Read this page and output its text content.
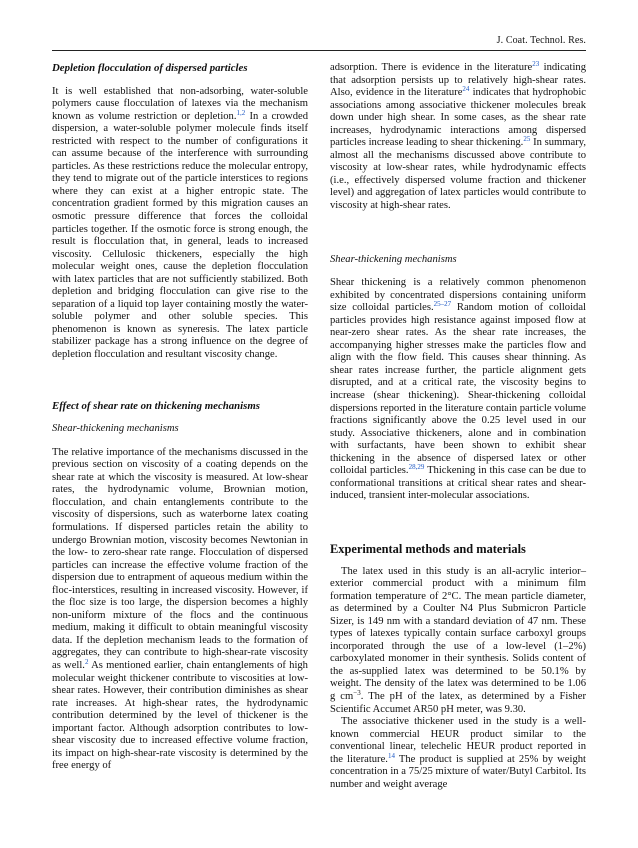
J. Coat. Technol. Res.
Depletion flocculation of dispersed particles

It is well established that non-adsorbing, water-soluble polymers cause flocculation of latexes via the mechanism known as volume restriction or depletion.$^{1,2}$ In a crowded dispersion, a water-soluble polymer molecule finds itself restricted with respect to the number of configurations it can assume because of the interference with surrounding particles. As these restrictions reduce the molecular entropy, they tend to migrate out of the particle interstices to regions where they can exist at a higher entropic state. The concentration gradient formed by this migration causes an osmotic pressure difference that forces the colloidal particles together. If the osmotic force is strong enough, the result is flocculation that, in general, leads to increased viscosity. Cellulosic thickeners, especially the high molecular weight ones, cause the depletion flocculation with latex particles that are not sufficiently stabilized. Both depletion and bridging flocculation can give rise to the separation of a liquid top layer containing mostly the water-soluble polymer and other soluble species. This phenomenon is known as syneresis. The latex particle stabilizer package has a strong influence on the degree of depletion flocculation and resultant viscosity change.

Effect of shear rate on thickening mechanisms
Shear-thickening mechanisms

The relative importance of the mechanisms discussed in the previous section on viscosity of a coating depends on the shear rate at which the viscosity is measured. At low-shear rates, the hydrodynamic volume, Brownian motion, flocculation, and chain entanglements contribute to the viscosity of dispersions, such as waterborne latex coating formulations. If dispersed particles retain the ability to undergo Brownian motion, viscosity becomes Newtonian in the low- to zero-shear rate range. Flocculation of dispersed particles can increase the effective volume fraction of the dispersion due to entrapment of aqueous medium within the floc-interstices, resulting in increased viscosity. However, if the floc size is too large, the dispersion becomes a highly non-uniform mixture of the flocs and the continuous medium, making it difficult to obtain meaningful viscosity data. If the depletion mechanism leads to the formation of aggregates, they can contribute to high-shear-rate viscosity as well.$^2$ As mentioned earlier, chain entanglements of high molecular weight thickener contribute to viscosities at low-shear rates. However, their contribution diminishes as shear rate increases. At high-shear rates, the hydrodynamic contribution determined by the level of thickener is the important factor. Although adsorption contributes to low-shear viscosity due to increased effective volume fraction, its impact on high-shear-rate viscosity is determined by the free energy of

adsorption. There is evidence in the literature$^{23}$ indicating that adsorption persists up to relatively high-shear rates. Also, evidence in the literature$^{24}$ indicates that hydrophobic associations among associative thickener molecules break down under high shear. In some cases, as the shear rate increases, hydrodynamic interactions among dispersed particles increase leading to shear thickening.$^{25}$ In summary, almost all the mechanisms discussed above contribute to viscosity at low-shear rates, while hydrodynamic effects (i.e., effectively dispersed volume fraction and thickener level) and aggregation of latex particles would contribute to viscosity at high-shear rates.

Shear-thickening mechanisms

Shear thickening is a relatively common phenomenon exhibited by concentrated dispersions containing uniform size colloidal particles.$^{25-27}$ Random motion of colloidal particles provides high resistance against imposed flow at near-zero shear rates. As the shear rate increases, the accompanying higher stresses make the particles flow and align with the flow field. This causes shear thinning. As shear rates increase further, the particle alignment gets disrupted, and at a critical rate, the viscosity begins to increase (shear thickening). Shear-thickening colloidal dispersions reported in the literature contain particle volume fractions significantly above the 0.25 level used in our study. Associative thickeners, alone and in combination with surfactants, have been shown to exhibit shear thickening in the absence of dispersed latex or other colloidal particles.$^{28,29}$ Thickening in this case can be due to conformational transitions at critical shear rates and shear-induced, transient inter-molecular associations.

Experimental methods and materials

The latex used in this study is an all-acrylic interior–exterior commercial product with a minimum film formation temperature of 2°C. The mean particle diameter, as determined by a Coulter N4 Plus Submicron Particle Sizer, is 149 nm with a standard deviation of 47 nm. These types of latexes typically contain surface carboxyl groups incorporated through the use of a low-level (1–2%) carboxylated monomer in their synthesis. Solids content of the as-supplied latex was determined to be 50.1% by weight. The density of the latex was determined to be 1.06 g $cm^{-3}$. The pH of the latex, as determined by a Fisher Scientific Accumet AR50 pH meter, was 9.30.

The associative thickener used in the study is a well-known commercial HEUR product similar to the conventional linear, telechelic HEUR product reported in the literature.$^{14}$ The product is supplied at 25% by weight concentration in a 75/25 mixture of water/Butyl Carbitol. Its number and weight average
